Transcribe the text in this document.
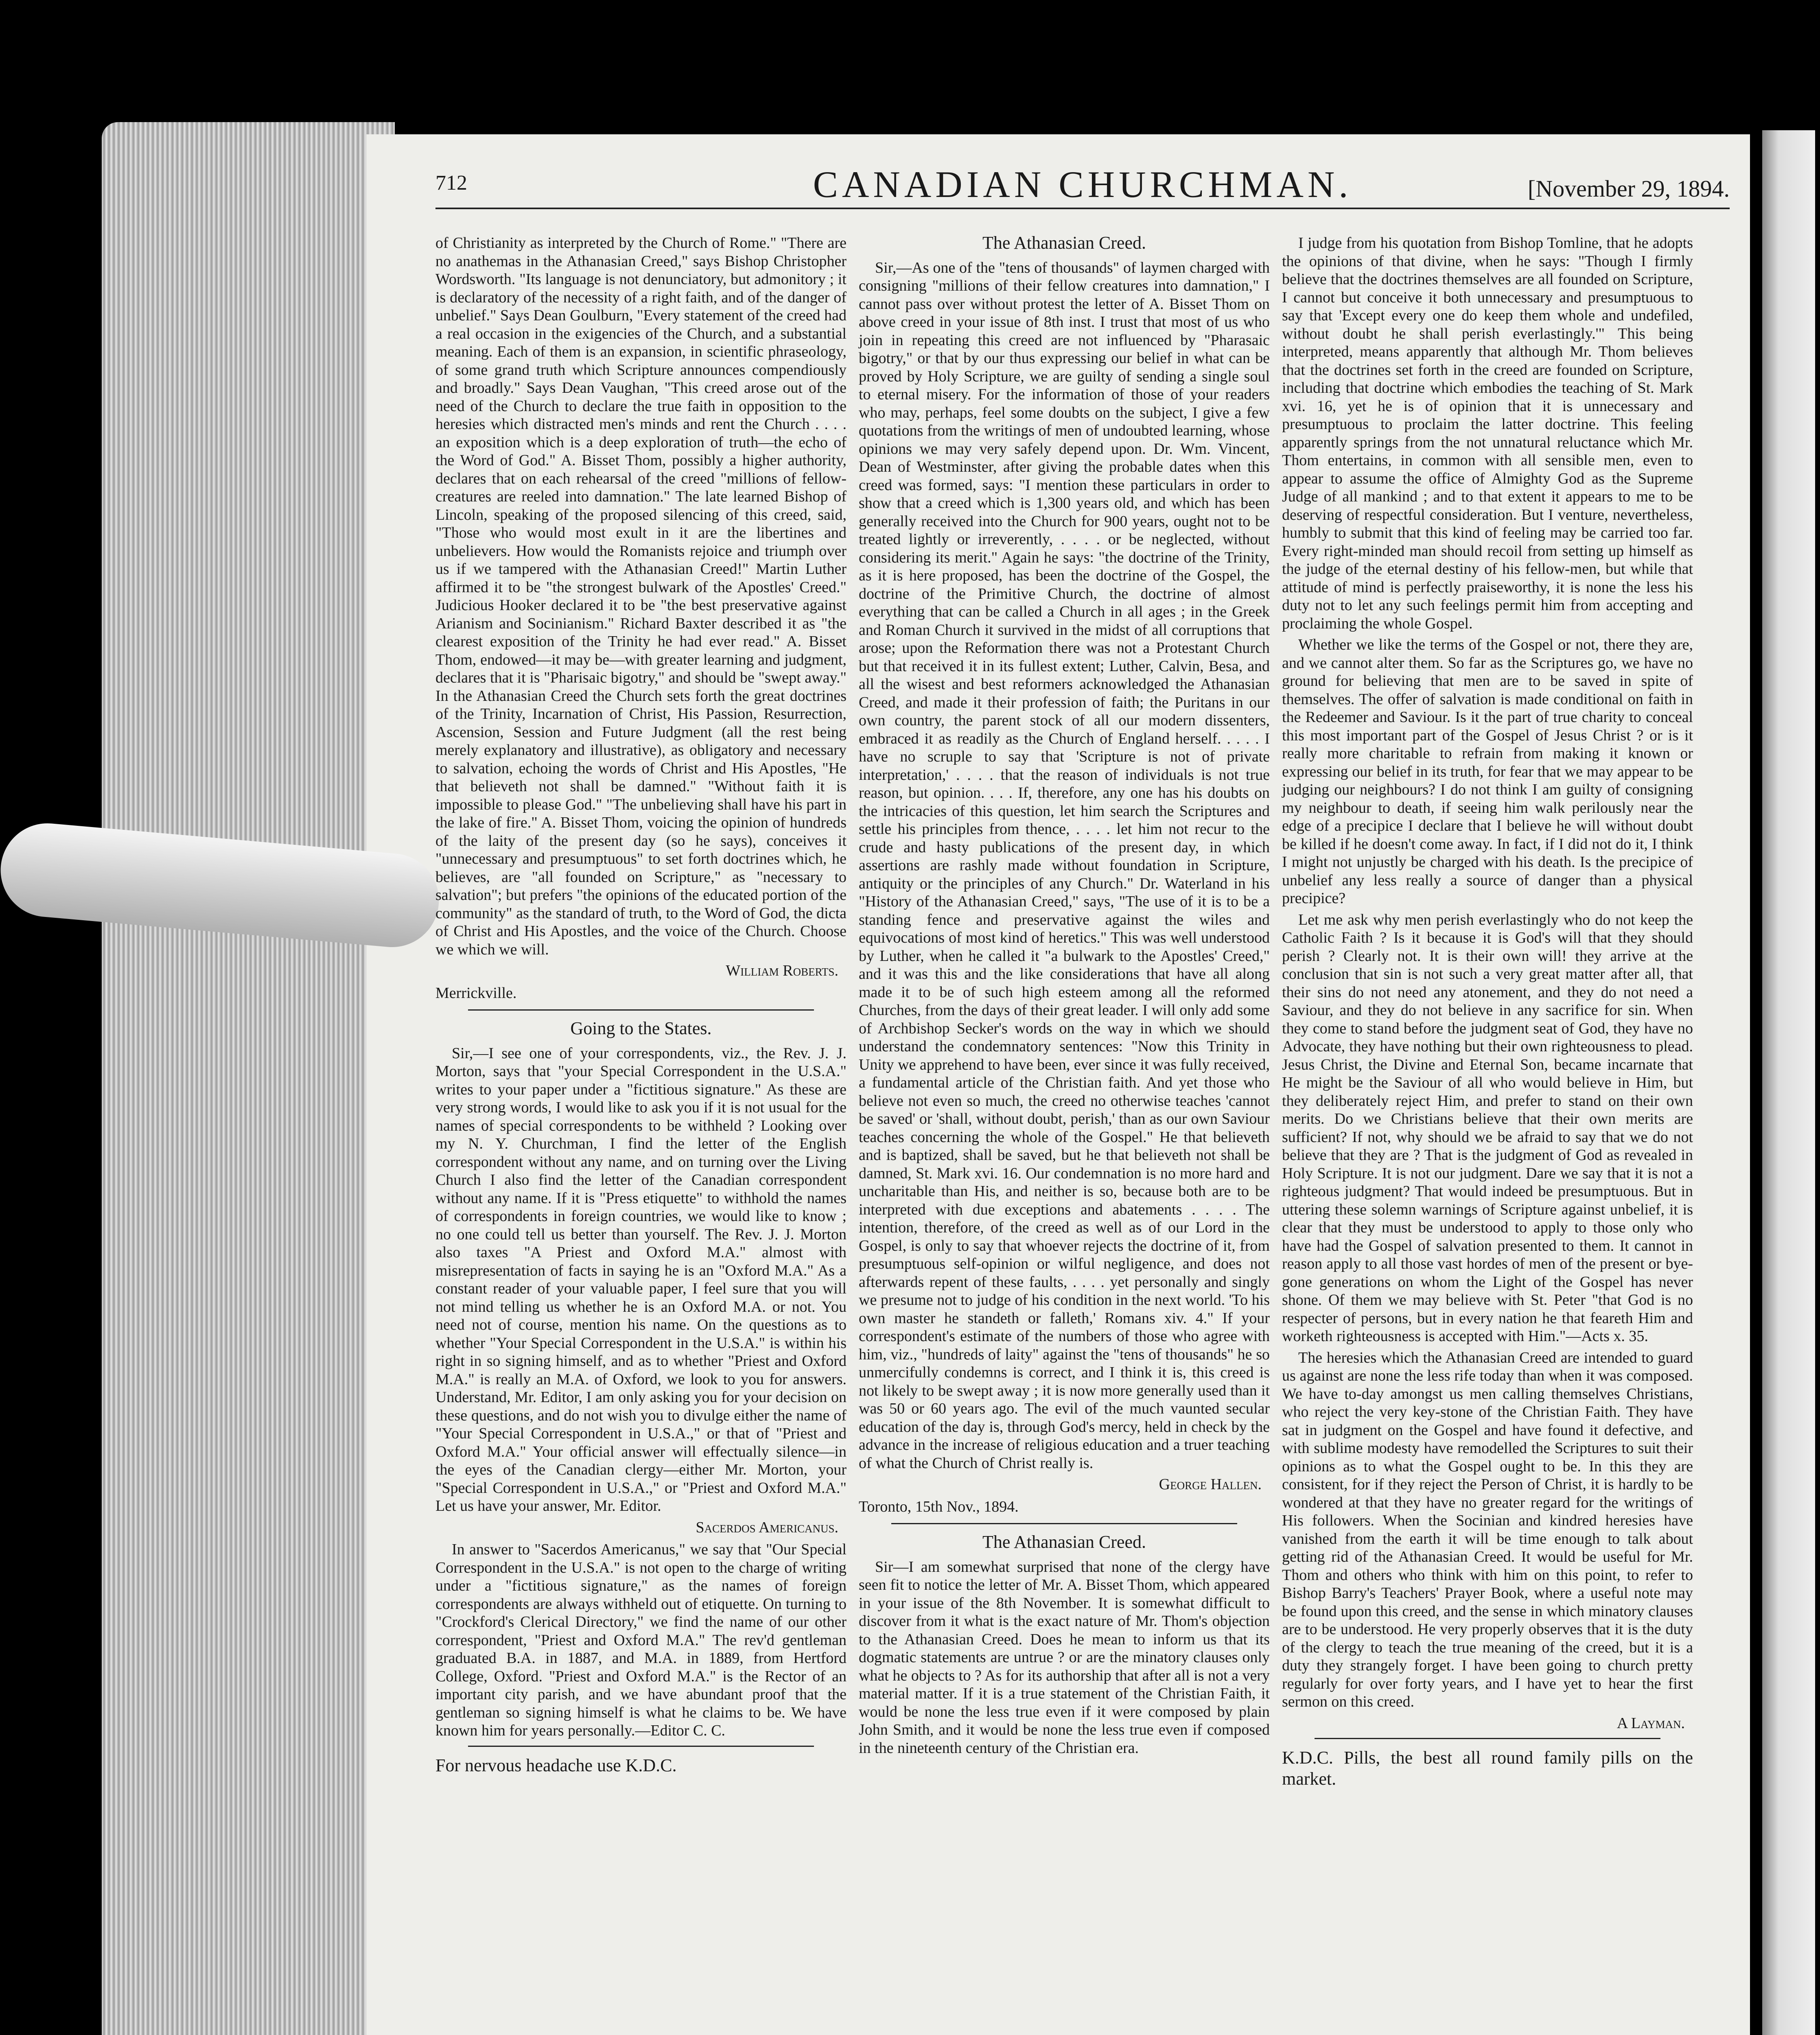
712	CANADIAN CHURCHMAN.	[November 29, 1894.

of Christianity as interpreted by the Church of Rome." "There are no anathemas in the Athanasian Creed," says Bishop Christopher Wordsworth. "Its language is not denunciatory, but admonitory ; it is declaratory of the necessity of a right faith, and of the danger of unbelief." Says Dean Goulburn, "Every statement of the creed had a real occasion in the exigencies of the Church, and a substantial meaning. Each of them is an expansion, in scientific phraseology, of some grand truth which Scripture announces compendiously and broadly." Says Dean Vaughan, "This creed arose out of the need of the Church to declare the true faith in opposition to the heresies which distracted men's minds and rent the Church . . . . an exposition which is a deep exploration of truth—the echo of the Word of God." A. Bisset Thom, possibly a higher authority, declares that on each rehearsal of the creed "millions of fellow-creatures are reeled into damnation." The late learned Bishop of Lincoln, speaking of the proposed silencing of this creed, said, "Those who would most exult in it are the libertines and unbelievers. How would the Romanists rejoice and triumph over us if we tampered with the Athanasian Creed!" Martin Luther affirmed it to be "the strongest bulwark of the Apostles' Creed." Judicious Hooker declared it to be "the best preservative against Arianism and Socinianism." Richard Baxter described it as "the clearest exposition of the Trinity he had ever read." A. Bisset Thom, endowed—it may be—with greater learning and judgment, declares that it is "Pharisaic bigotry," and should be "swept away." In the Athanasian Creed the Church sets forth the great doctrines of the Trinity, Incarnation of Christ, His Passion, Resurrection, Ascension, Session and Future Judgment (all the rest being merely explanatory and illustrative), as obligatory and necessary to salvation, echoing the words of Christ and His Apostles, "He that believeth not shall be damned." "Without faith it is impossible to please God." "The unbelieving shall have his part in the lake of fire." A. Bisset Thom, voicing the opinion of hundreds of the laity of the present day (so he says), conceives it "unnecessary and presumptuous" to set forth doctrines which, he believes, are "all founded on Scripture," as "necessary to salvation"; but prefers "the opinions of the educated portion of the community" as the standard of truth, to the Word of God, the dicta of Christ and His Apostles, and the voice of the Church. Choose we which we will.

William Roberts.
Merrickville.
Going to the States.

Sir,—I see one of your correspondents, viz., the Rev. J. J. Morton, says that "your Special Correspondent in the U.S.A." writes to your paper under a "fictitious signature." As these are very strong words, I would like to ask you if it is not usual for the names of special correspondents to be withheld ? Looking over my N. Y. Churchman, I find the letter of the English correspondent without any name, and on turning over the Living Church I also find the letter of the Canadian correspondent without any name. If it is "Press etiquette" to withhold the names of correspondents in foreign countries, we would like to know ; no one could tell us better than yourself. The Rev. J. J. Morton also taxes "A Priest and Oxford M.A." almost with misrepresentation of facts in saying he is an "Oxford M.A." As a constant reader of your valuable paper, I feel sure that you will not mind telling us whether he is an Oxford M.A. or not. You need not of course, mention his name. On the questions as to whether "Your Special Correspondent in the U.S.A." is within his right in so signing himself, and as to whether "Priest and Oxford M.A." is really an M.A. of Oxford, we look to you for answers. Understand, Mr. Editor, I am only asking you for your decision on these questions, and do not wish you to divulge either the name of "Your Special Correspondent in U.S.A.," or that of "Priest and Oxford M.A." Your official answer will effectually silence—in the eyes of the Canadian clergy—either Mr. Morton, your "Special Correspondent in U.S.A.," or "Priest and Oxford M.A." Let us have your answer, Mr. Editor.

Sacerdos Americanus.

In answer to "Sacerdos Americanus," we say that "Our Special Correspondent in the U.S.A." is not open to the charge of writing under a "fictitious signature," as the names of foreign correspondents are always withheld out of etiquette. On turning to "Crockford's Clerical Directory," we find the name of our other correspondent, "Priest and Oxford M.A." The rev'd gentleman graduated B.A. in 1887, and M.A. in 1889, from Hertford College, Oxford. "Priest and Oxford M.A." is the Rector of an important city parish, and we have abundant proof that the gentleman so signing himself is what he claims to be. We have known him for years personally.—Editor C. C.

For nervous headache use K.D.C.
The Athanasian Creed.

Sir,—As one of the "tens of thousands" of laymen charged with consigning "millions of their fellow creatures into damnation," I cannot pass over without protest the letter of A. Bisset Thom on above creed in your issue of 8th inst. I trust that most of us who join in repeating this creed are not influenced by "Pharasaic bigotry," or that by our thus expressing our belief in what can be proved by Holy Scripture, we are guilty of sending a single soul to eternal misery. For the information of those of your readers who may, perhaps, feel some doubts on the subject, I give a few quotations from the writings of men of undoubted learning, whose opinions we may very safely depend upon. Dr. Wm. Vincent, Dean of Westminster, after giving the probable dates when this creed was formed, says: "I mention these particulars in order to show that a creed which is 1,300 years old, and which has been generally received into the Church for 900 years, ought not to be treated lightly or irreverently, . . . . or be neglected, without considering its merit." Again he says: "the doctrine of the Trinity, as it is here proposed, has been the doctrine of the Gospel, the doctrine of the Primitive Church, the doctrine of almost everything that can be called a Church in all ages ; in the Greek and Roman Church it survived in the midst of all corruptions that arose; upon the Reformation there was not a Protestant Church but that received it in its fullest extent; Luther, Calvin, Besa, and all the wisest and best reformers acknowledged the Athanasian Creed, and made it their profession of faith; the Puritans in our own country, the parent stock of all our modern dissenters, embraced it as readily as the Church of England herself. . . . . I have no scruple to say that 'Scripture is not of private interpretation,' . . . . that the reason of individuals is not true reason, but opinion. . . . If, therefore, any one has his doubts on the intricacies of this question, let him search the Scriptures and settle his principles from thence, . . . . let him not recur to the crude and hasty publications of the present day, in which assertions are rashly made without foundation in Scripture, antiquity or the principles of any Church." Dr. Waterland in his "History of the Athanasian Creed," says, "The use of it is to be a standing fence and preservative against the wiles and equivocations of most kind of heretics." This was well understood by Luther, when he called it "a bulwark to the Apostles' Creed," and it was this and the like considerations that have all along made it to be of such high esteem among all the reformed Churches, from the days of their great leader. I will only add some of Archbishop Secker's words on the way in which we should understand the condemnatory sentences: "Now this Trinity in Unity we apprehend to have been, ever since it was fully received, a fundamental article of the Christian faith. And yet those who believe not even so much, the creed no otherwise teaches 'cannot be saved' or 'shall, without doubt, perish,' than as our own Saviour teaches concerning the whole of the Gospel." He that believeth and is baptized, shall be saved, but he that believeth not shall be damned, St. Mark xvi. 16. Our condemnation is no more hard and uncharitable than His, and neither is so, because both are to be interpreted with due exceptions and abatements . . . . The intention, therefore, of the creed as well as of our Lord in the Gospel, is only to say that whoever rejects the doctrine of it, from presumptuous self-opinion or wilful negligence, and does not afterwards repent of these faults, . . . . yet personally and singly we presume not to judge of his condition in the next world. 'To his own master he standeth or falleth,' Romans xiv. 4." If your correspondent's estimate of the numbers of those who agree with him, viz., "hundreds of laity" against the "tens of thousands" he so unmercifully condemns is correct, and I think it is, this creed is not likely to be swept away ; it is now more generally used than it was 50 or 60 years ago. The evil of the much vaunted secular education of the day is, through God's mercy, held in check by the advance in the increase of religious education and a truer teaching of what the Church of Christ really is.

George Hallen.
Toronto, 15th Nov., 1894.
The Athanasian Creed.

Sir—I am somewhat surprised that none of the clergy have seen fit to notice the letter of Mr. A. Bisset Thom, which appeared in your issue of the 8th November. It is somewhat difficult to discover from it what is the exact nature of Mr. Thom's objection to the Athanasian Creed. Does he mean to inform us that its dogmatic statements are untrue ? or are the minatory clauses only what he objects to ? As for its authorship that after all is not a very material matter. If it is a true statement of the Christian Faith, it would be none the less true even if it were composed by plain John Smith, and it would be none the less true even if composed in the nineteenth century of the Christian era.

I judge from his quotation from Bishop Tomline, that he adopts the opinions of that divine, when he says: "Though I firmly believe that the doctrines themselves are all founded on Scripture, I cannot but conceive it both unnecessary and presumptuous to say that 'Except every one do keep them whole and undefiled, without doubt he shall perish everlastingly.'" This being interpreted, means apparently that although Mr. Thom believes that the doctrines set forth in the creed are founded on Scripture, including that doctrine which embodies the teaching of St. Mark xvi. 16, yet he is of opinion that it is unnecessary and presumptuous to proclaim the latter doctrine. This feeling apparently springs from the not unnatural reluctance which Mr. Thom entertains, in common with all sensible men, even to appear to assume the office of Almighty God as the Supreme Judge of all mankind ; and to that extent it appears to me to be deserving of respectful consideration. But I venture, nevertheless, humbly to submit that this kind of feeling may be carried too far. Every right-minded man should recoil from setting up himself as the judge of the eternal destiny of his fellow-men, but while that attitude of mind is perfectly praiseworthy, it is none the less his duty not to let any such feelings permit him from accepting and proclaiming the whole Gospel.

Whether we like the terms of the Gospel or not, there they are, and we cannot alter them. So far as the Scriptures go, we have no ground for believing that men are to be saved in spite of themselves. The offer of salvation is made conditional on faith in the Redeemer and Saviour. Is it the part of true charity to conceal this most important part of the Gospel of Jesus Christ ? or is it really more charitable to refrain from making it known or expressing our belief in its truth, for fear that we may appear to be judging our neighbours? I do not think I am guilty of consigning my neighbour to death, if seeing him walk perilously near the edge of a precipice I declare that I believe he will without doubt be killed if he doesn't come away. In fact, if I did not do it, I think I might not unjustly be charged with his death. Is the precipice of unbelief any less really a source of danger than a physical precipice?

Let me ask why men perish everlastingly who do not keep the Catholic Faith ? Is it because it is God's will that they should perish ? Clearly not. It is their own will! they arrive at the conclusion that sin is not such a very great matter after all, that their sins do not need any atonement, and they do not need a Saviour, and they do not believe in any sacrifice for sin. When they come to stand before the judgment seat of God, they have no Advocate, they have nothing but their own righteousness to plead. Jesus Christ, the Divine and Eternal Son, became incarnate that He might be the Saviour of all who would believe in Him, but they deliberately reject Him, and prefer to stand on their own merits. Do we Christians believe that their own merits are sufficient? If not, why should we be afraid to say that we do not believe that they are ? That is the judgment of God as revealed in Holy Scripture. It is not our judgment. Dare we say that it is not a righteous judgment? That would indeed be presumptuous. But in uttering these solemn warnings of Scripture against unbelief, it is clear that they must be understood to apply to those only who have had the Gospel of salvation presented to them. It cannot in reason apply to all those vast hordes of men of the present or bye-gone generations on whom the Light of the Gospel has never shone. Of them we may believe with St. Peter "that God is no respecter of persons, but in every nation he that feareth Him and worketh righteousness is accepted with Him."—Acts x. 35.

The heresies which the Athanasian Creed are intended to guard us against are none the less rife today than when it was composed. We have to-day amongst us men calling themselves Christians, who reject the very key-stone of the Christian Faith. They have sat in judgment on the Gospel and have found it defective, and with sublime modesty have remodelled the Scriptures to suit their opinions as to what the Gospel ought to be. In this they are consistent, for if they reject the Person of Christ, it is hardly to be wondered at that they have no greater regard for the writings of His followers. When the Socinian and kindred heresies have vanished from the earth it will be time enough to talk about getting rid of the Athanasian Creed. It would be useful for Mr. Thom and others who think with him on this point, to refer to Bishop Barry's Teachers' Prayer Book, where a useful note may be found upon this creed, and the sense in which minatory clauses are to be understood. He very properly observes that it is the duty of the clergy to teach the true meaning of the creed, but it is a duty they strangely forget. I have been going to church pretty regularly for over forty years, and I have yet to hear the first sermon on this creed.

A Layman.
K.D.C. Pills, the best all round family pills on the market.
